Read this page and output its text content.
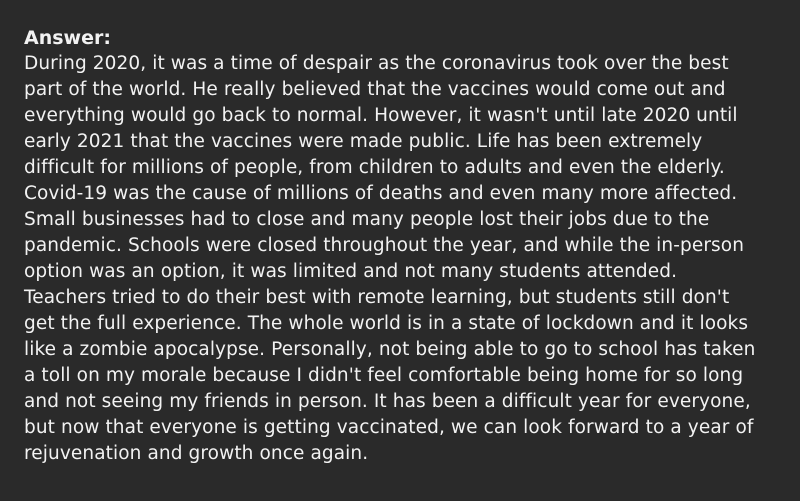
Answer:

During 2020, it was a time of despair as the coronavirus took over the best part of the world. He really believed that the vaccines would come out and everything would go back to normal. However, it wasn't until late 2020 until early 2021 that the vaccines were made public. Life has been extremely difficult for millions of people, from children to adults and even the elderly. Covid-19 was the cause of millions of deaths and even many more affected. Small businesses had to close and many people lost their jobs due to the pandemic. Schools were closed throughout the year, and while the in-person option was an option, it was limited and not many students attended. Teachers tried to do their best with remote learning, but students still don't get the full experience. The whole world is in a state of lockdown and it looks like a zombie apocalypse. Personally, not being able to go to school has taken a toll on my morale because I didn't feel comfortable being home for so long and not seeing my friends in person. It has been a difficult year for everyone, but now that everyone is getting vaccinated, we can look forward to a year of rejuvenation and growth once again.
